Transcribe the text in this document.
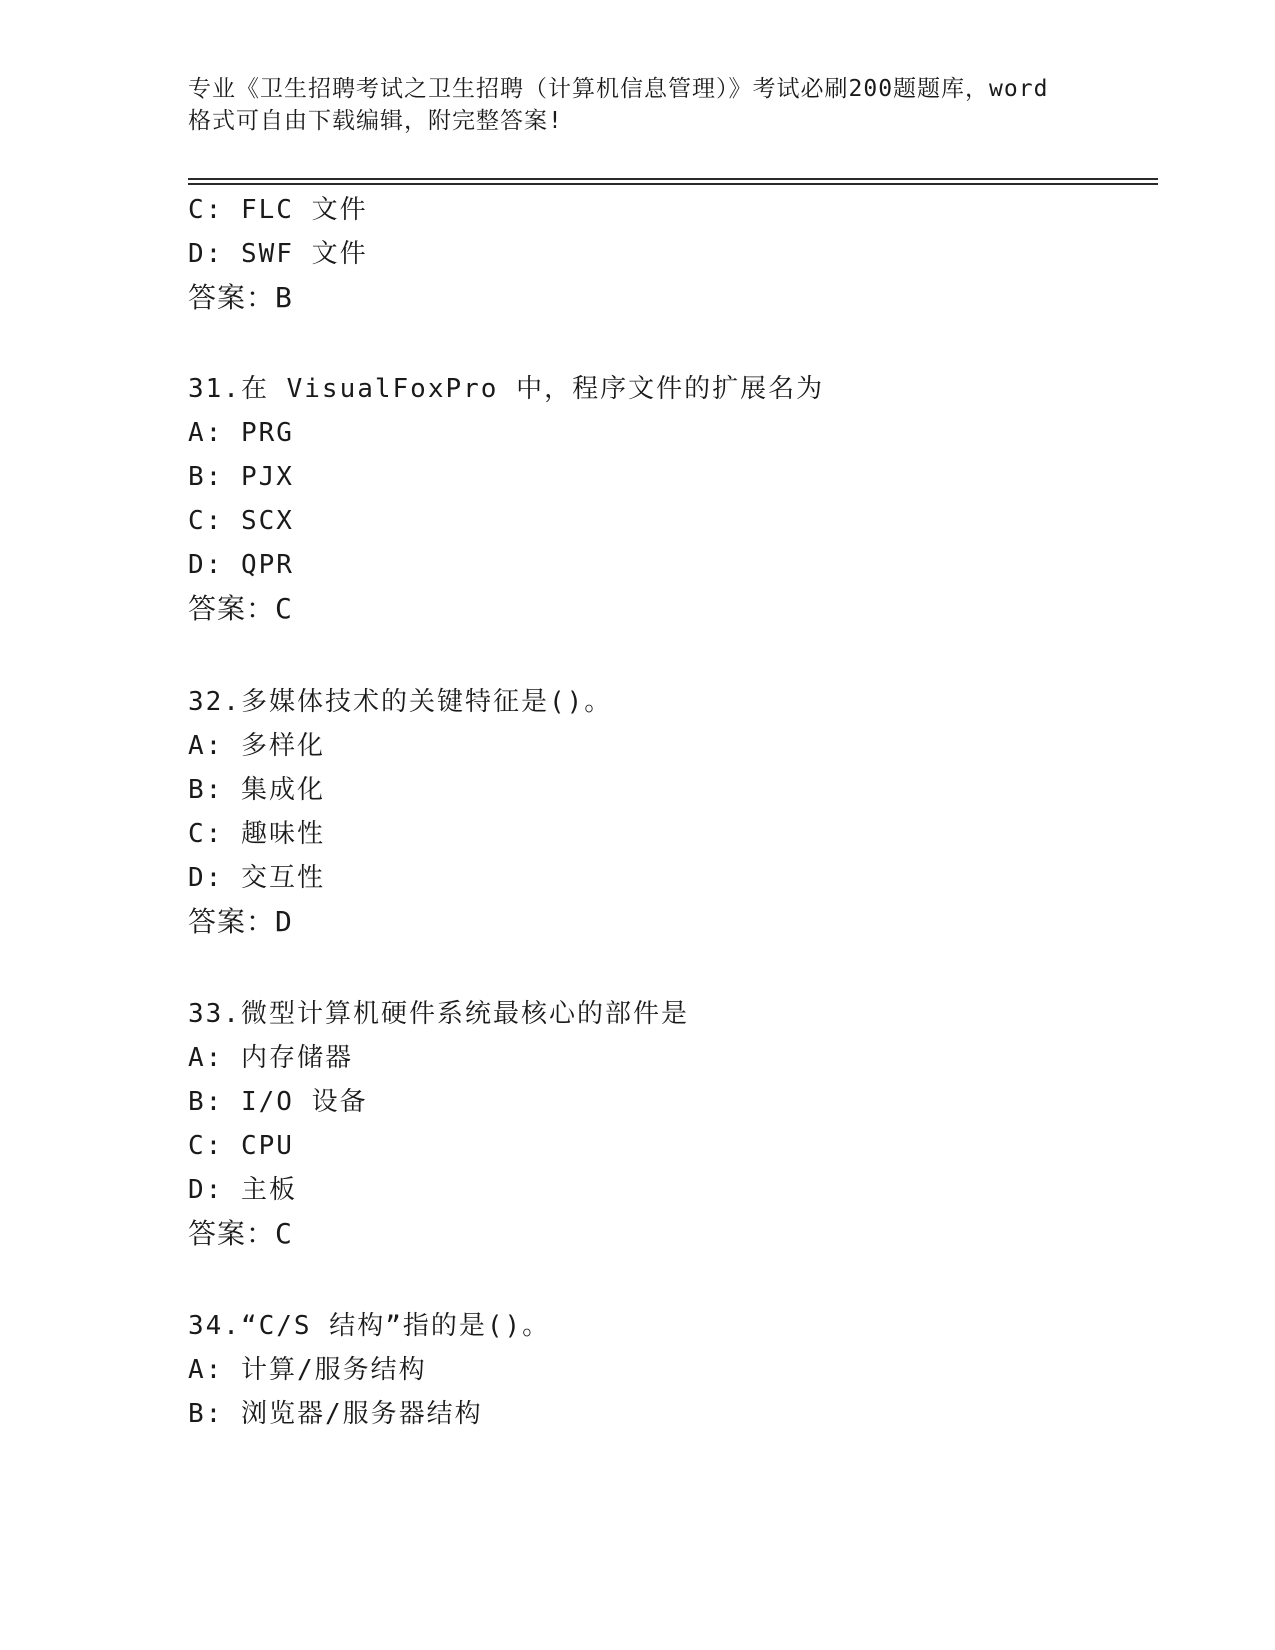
专业《卫生招聘考试之卫生招聘（计算机信息管理）》考试必刷200题题库，word
格式可自由下载编辑，附完整答案!
C: FLC 文件
D: SWF 文件
答案：B
31.在 VisualFoxPro 中，程序文件的扩展名为
A: PRG
B: PJX
C: SCX
D: QPR
答案：C
32.多媒体技术的关键特征是()。
A: 多样化
B: 集成化
C: 趣味性
D: 交互性
答案：D
33.微型计算机硬件系统最核心的部件是
A: 内存储器
B: I/O 设备
C: CPU
D: 主板
答案：C
34.“C/S 结构”指的是()。
A: 计算/服务结构
B: 浏览器/服务器结构
